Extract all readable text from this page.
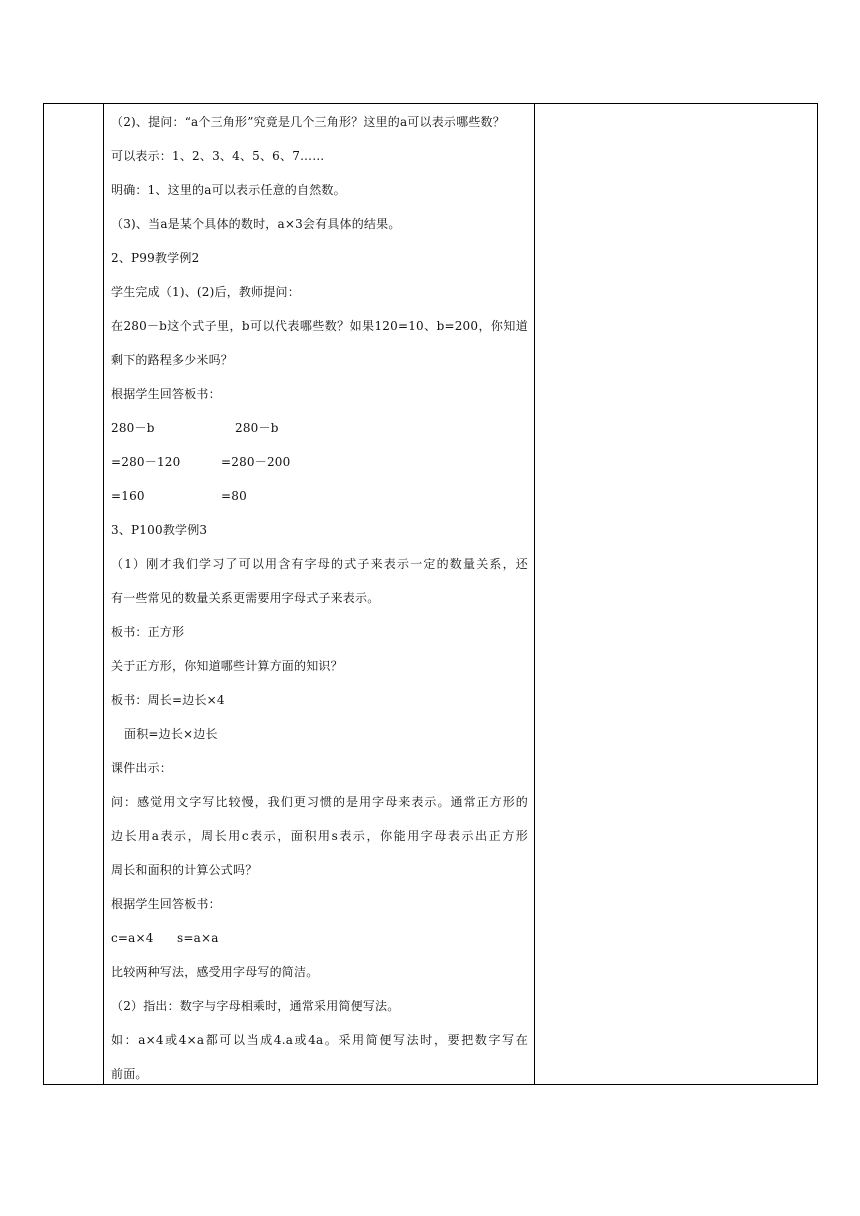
（2)、提问：“a个三角形”究竟是几个三角形？这里的a可以表示哪些数？
可以表示：1、2、3、4、5、6、7……
明确：1、这里的a可以表示任意的自然数。
（3)、当a是某个具体的数时，a×3会有具体的结果。
2、P99教学例2
学生完成（1)、(2)后，教师提问：
在280－b这个式子里，b可以代表哪些数？如果120=10、b=200，你知道
剩下的路程多少米吗？
根据学生回答板书：
280－b	280－b
=280－120	=280－200
=160	=80
3、P100教学例3
（1）刚才我们学习了可以用含有字母的式子来表示一定的数量关系，还
有一些常见的数量关系更需要用字母式子来表示。
板书：正方形
关于正方形，你知道哪些计算方面的知识？
板书：周长=边长×4
面积=边长×边长
课件出示：
问：感觉用文字写比较慢，我们更习惯的是用字母来表示。通常正方形的
边长用a表示，周长用c表示，面积用s表示，你能用字母表示出正方形
周长和面积的计算公式吗？
根据学生回答板书：
c=a×4 s=a×a
比较两种写法，感受用字母写的简洁。
（2）指出：数字与字母相乘时，通常采用简便写法。
如：a×4或4×a都可以当成4.a或4a。采用简便写法时，要把数字写在
前面。
